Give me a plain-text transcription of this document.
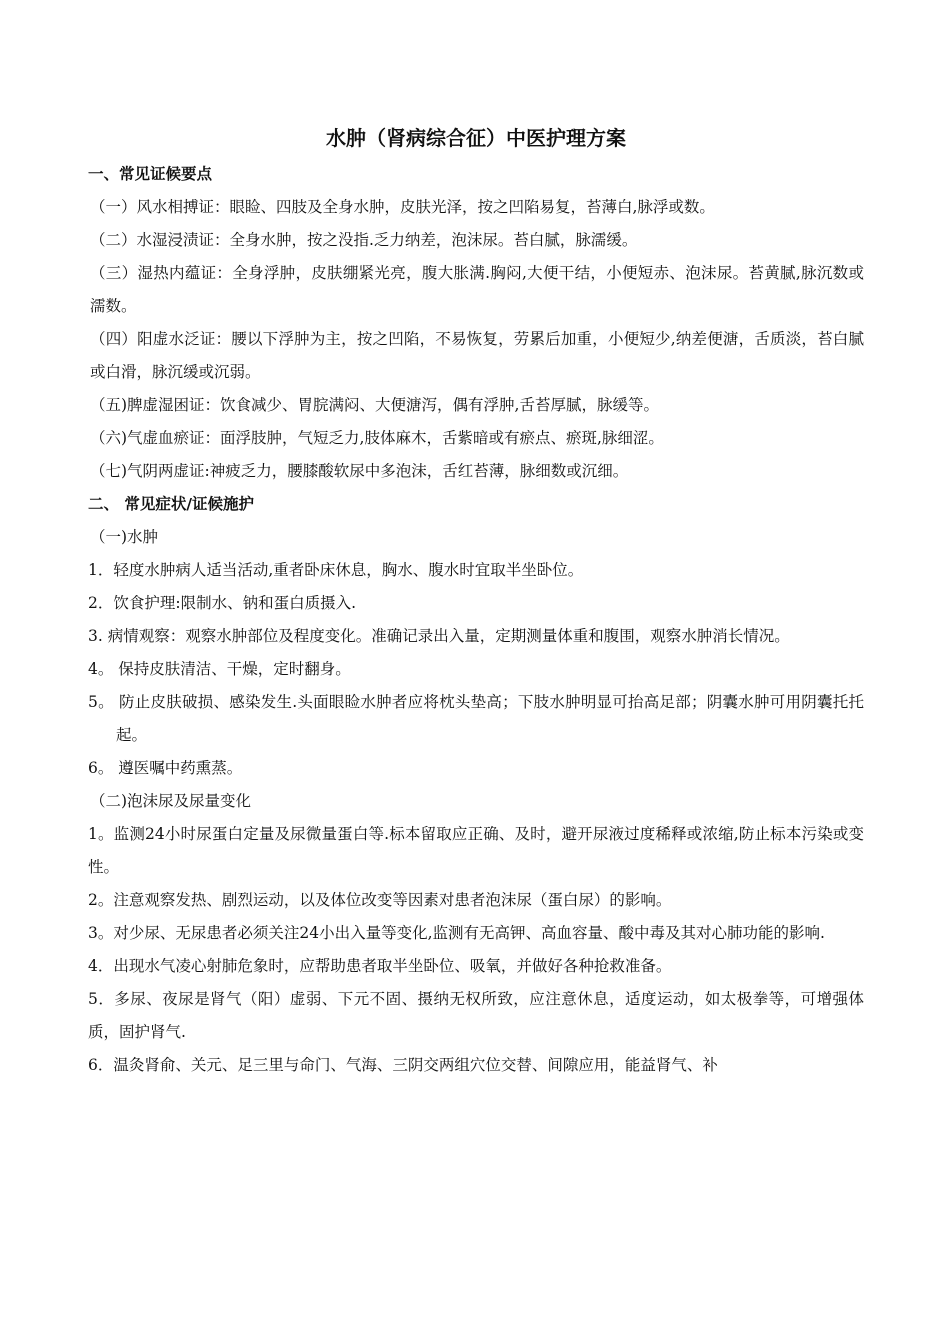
水肿（肾病综合征）中医护理方案

一、常见证候要点

（一）风水相搏证：眼睑、四肢及全身水肿，皮肤光泽，按之凹陷易复，苔薄白,脉浮或数。

（二）水湿浸渍证：全身水肿，按之没指.乏力纳差，泡沫尿。苔白腻，脉濡缓。

（三）湿热内蕴证：全身浮肿，皮肤绷紧光亮，腹大胀满.胸闷,大便干结，小便短赤、泡沫尿。苔黄腻,脉沉数或濡数。

（四）阳虚水泛证：腰以下浮肿为主，按之凹陷，不易恢复，劳累后加重，小便短少,纳差便溏，舌质淡，苔白腻或白滑，脉沉缓或沉弱。

（五)脾虚湿困证：饮食减少、胃脘满闷、大便溏泻，偶有浮肿,舌苔厚腻，脉缓等。

（六)气虚血瘀证：面浮肢肿，气短乏力,肢体麻木，舌紫暗或有瘀点、瘀斑,脉细涩。

（七)气阴两虚证:神疲乏力，腰膝酸软尿中多泡沫，舌红苔薄，脉细数或沉细。

二、 常见症状/证候施护

（一)水肿

1．轻度水肿病人适当活动,重者卧床休息，胸水、腹水时宜取半坐卧位。

2．饮食护理:限制水、钠和蛋白质摄入.

3. 病情观察：观察水肿部位及程度变化。准确记录出入量，定期测量体重和腹围，观察水肿消长情况。

4。 保持皮肤清洁、干燥，定时翻身。

5。 防止皮肤破损、感染发生.头面眼睑水肿者应将枕头垫高；下肢水肿明显可抬高足部；阴囊水肿可用阴囊托托起。

6。 遵医嘱中药熏蒸。

（二)泡沫尿及尿量变化

1。监测24小时尿蛋白定量及尿微量蛋白等.标本留取应正确、及时，避开尿液过度稀释或浓缩,防止标本污染或变性。

2。注意观察发热、剧烈运动，以及体位改变等因素对患者泡沫尿（蛋白尿）的影响。

3。对少尿、无尿患者必须关注24小出入量等变化,监测有无高钾、高血容量、酸中毒及其对心肺功能的影响.

4．出现水气凌心射肺危象时，应帮助患者取半坐卧位、吸氧，并做好各种抢救准备。

5．多尿、夜尿是肾气（阳）虚弱、下元不固、摄纳无权所致，应注意休息，适度运动，如太极拳等，可增强体质，固护肾气.

6．温灸肾俞、关元、足三里与命门、气海、三阴交两组穴位交替、间隙应用，能益肾气、补
